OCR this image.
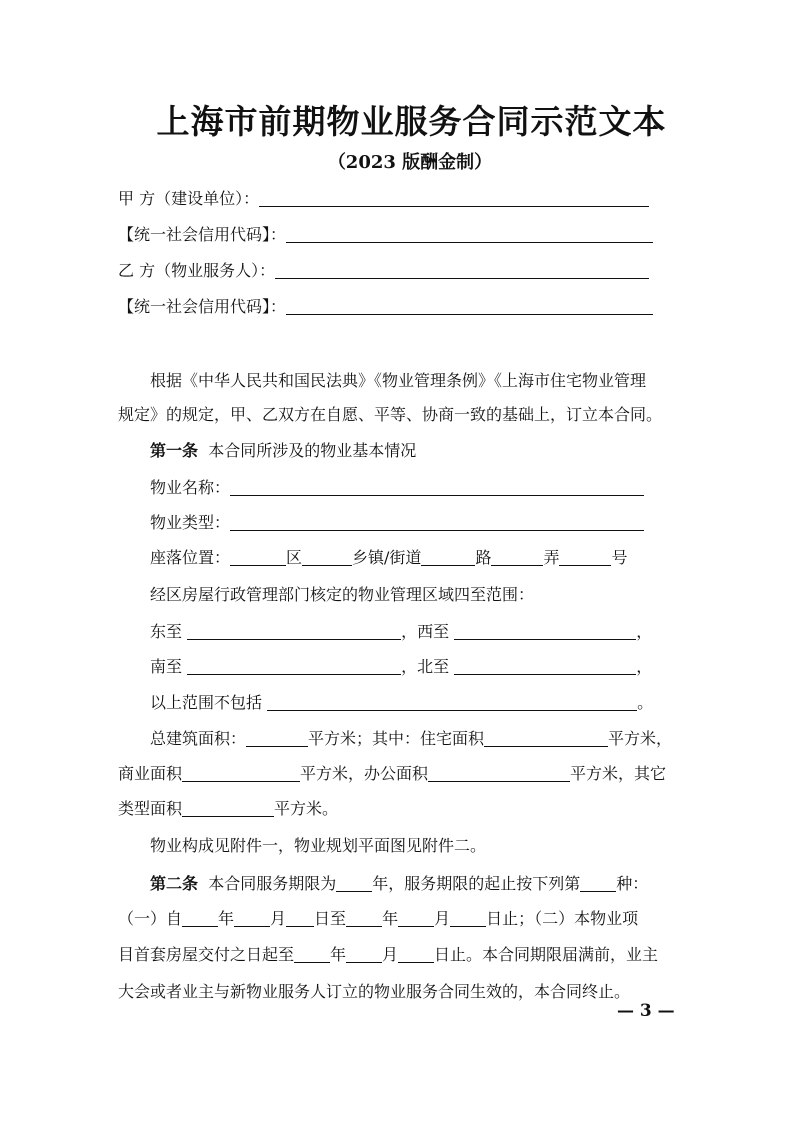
上海市前期物业服务合同示范文本
（2023 版酬金制）
甲 方（建设单位）：
【统一社会信用代码】：
乙 方（物业服务人）：
【统一社会信用代码】：
根据《中华人民共和国民法典》《物业管理条例》《上海市住宅物业管理
规定》的规定，甲、乙双方在自愿、平等、协商一致的基础上，订立本合同。
第一条 本合同所涉及的物业基本情况
物业名称：
物业类型：
座落位置：	区	乡镇/街道	路	弄	号
经区房屋行政管理部门核定的物业管理区域四至范围：
东至	，西至	，
南至	，北至	，
以上范围不包括	。
总建筑面积：	平方米；其中：住宅面积	平方米，
商业面积	平方米，办公面积	平方米，其它
类型面积	平方米。
物业构成见附件一，物业规划平面图见附件二。
第二条 本合同服务期限为 年，服务期限的起止按下列第 种：
（一）自 年 月 日至 年 月 日止；（二）本物业项
目首套房屋交付之日起至 年 月 日止。本合同期限届满前，业主
大会或者业主与新物业服务人订立的物业服务合同生效的，本合同终止。
— 3 —
